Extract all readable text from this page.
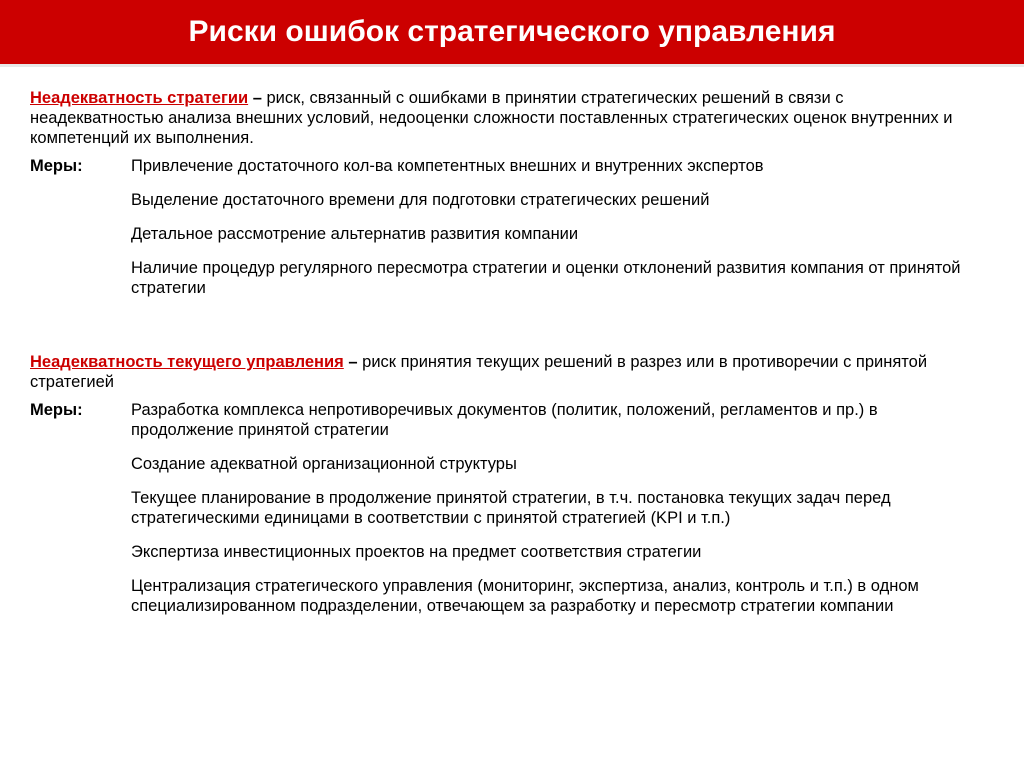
Риски ошибок стратегического управления

Неадекватность стратегии – риск, связанный с ошибками в принятии стратегических решений в связи с неадекватностью анализа внешних условий, недооценки сложности поставленных стратегических оценок внутренних и компетенций их выполнения.

Меры:	Привлечение достаточного кол-ва компетентных внешних и внутренних экспертов
Выделение достаточного времени для подготовки стратегических решений
Детальное рассмотрение альтернатив развития компании
Наличие процедур регулярного пересмотра стратегии и оценки отклонений развития компания от принятой стратегии

Неадекватность текущего управления – риск принятия текущих решений в разрез или в противоречии с принятой стратегией

Меры:	Разработка комплекса непротиворечивых документов (политик, положений, регламентов и пр.) в продолжение принятой стратегии
Создание адекватной организационной структуры
Текущее планирование в продолжение принятой стратегии, в т.ч. постановка текущих задач перед стратегическими единицами в соответствии с принятой стратегией (KPI и т.п.)
Экспертиза инвестиционных проектов на предмет соответствия стратегии
Централизация стратегического управления (мониторинг, экспертиза, анализ, контроль и т.п.) в одном специализированном подразделении, отвечающем за разработку и пересмотр стратегии компании
